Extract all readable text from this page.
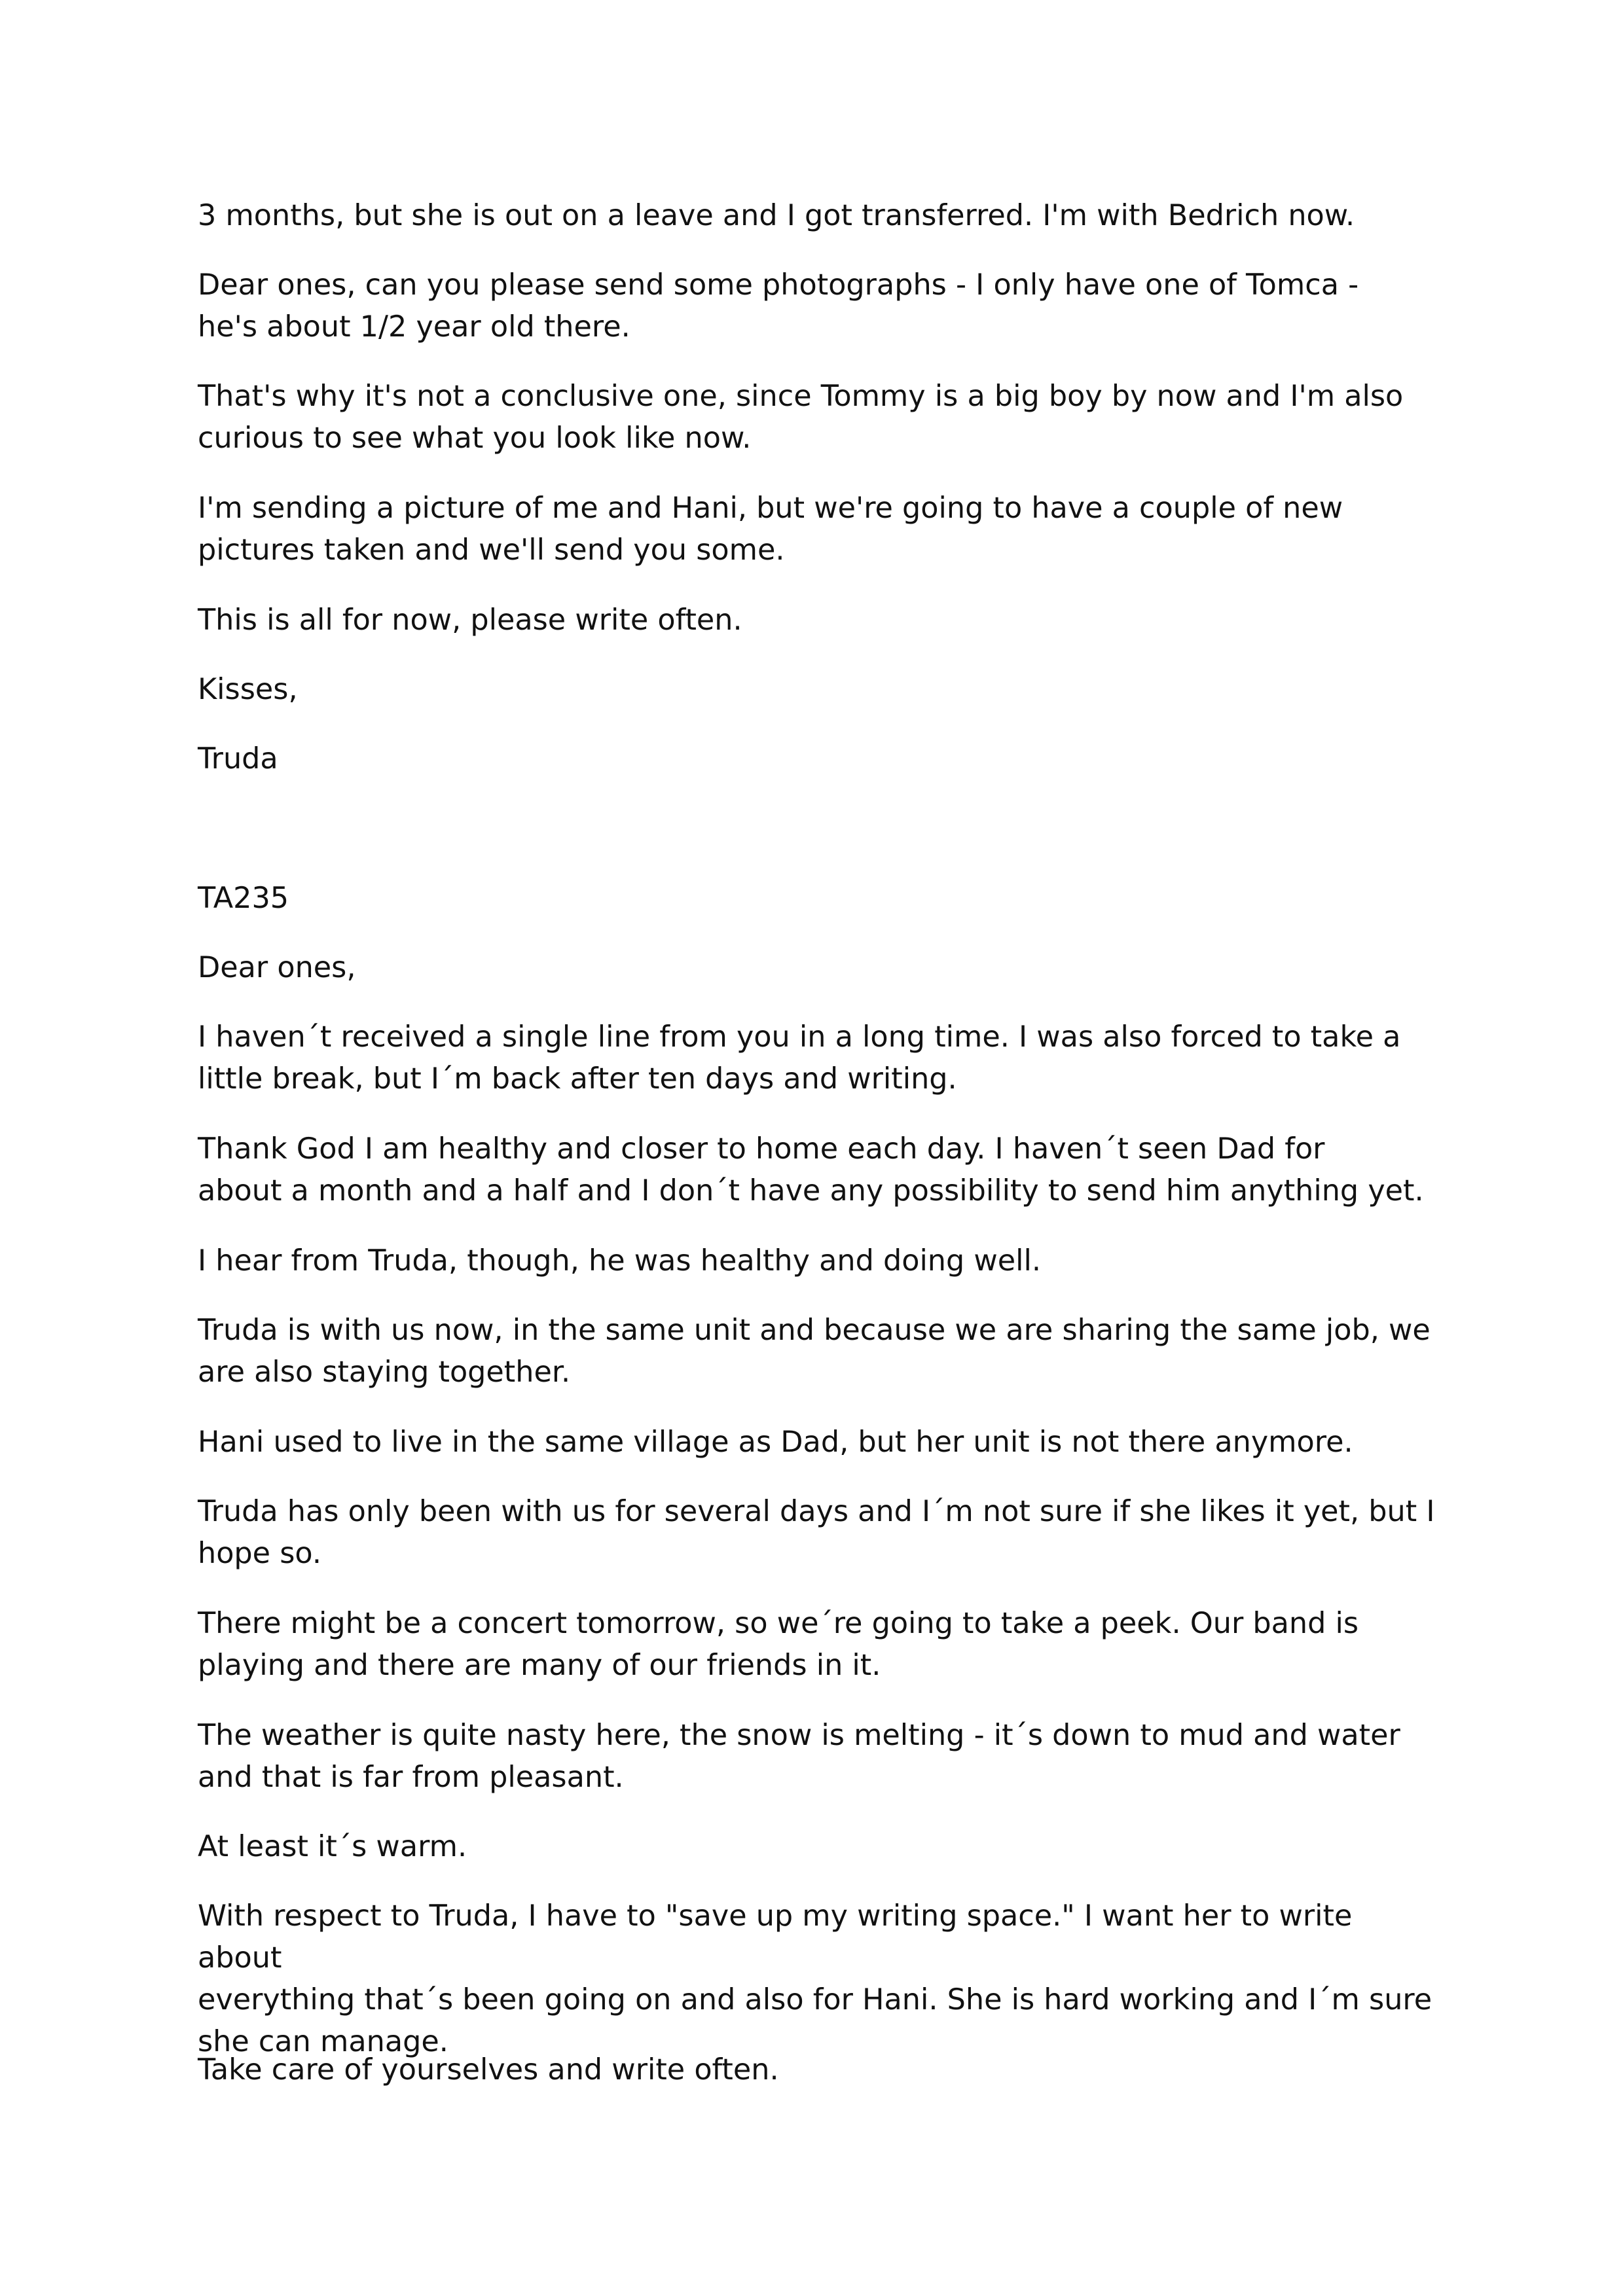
3 months, but she is out on a leave and I got transferred. I'm with Bedrich now.

Dear ones, can you please send some photographs - I only have one of Tomca -
he's about 1/2 year old there.

That's why it's not a conclusive one, since Tommy is a big boy by now and I'm also
curious to see what you look like now.

I'm sending a picture of me and Hani, but we're going to have a couple of new
pictures taken and we'll send you some.

This is all for now, please write often.

Kisses,

Truda

TA235

Dear ones,

I haven´t received a single line from you in a long time. I was also forced to take a
little break, but I´m back after ten days and writing.

Thank God I am healthy and closer to home each day. I haven´t seen Dad for
about a month and a half and I don´t have any possibility to send him anything yet.

I hear from Truda, though, he was healthy and doing well.

Truda is with us now, in the same unit and because we are sharing the same job, we
are also staying together.

Hani used to live in the same village as Dad, but her unit is not there anymore.

Truda has only been with us for several days and I´m not sure if she likes it yet, but I
hope so.

There might be a concert tomorrow, so we´re going to take a peek. Our band is
playing and there are many of our friends in it.

The weather is quite nasty here, the snow is melting - it´s down to mud and water
and that is far from pleasant.

At least it´s warm.

With respect to Truda, I have to "save up my writing space." I want her to write about
everything that´s been going on and also for Hani. She is hard working and I´m sure
she can manage.

Take care of yourselves and write often.
